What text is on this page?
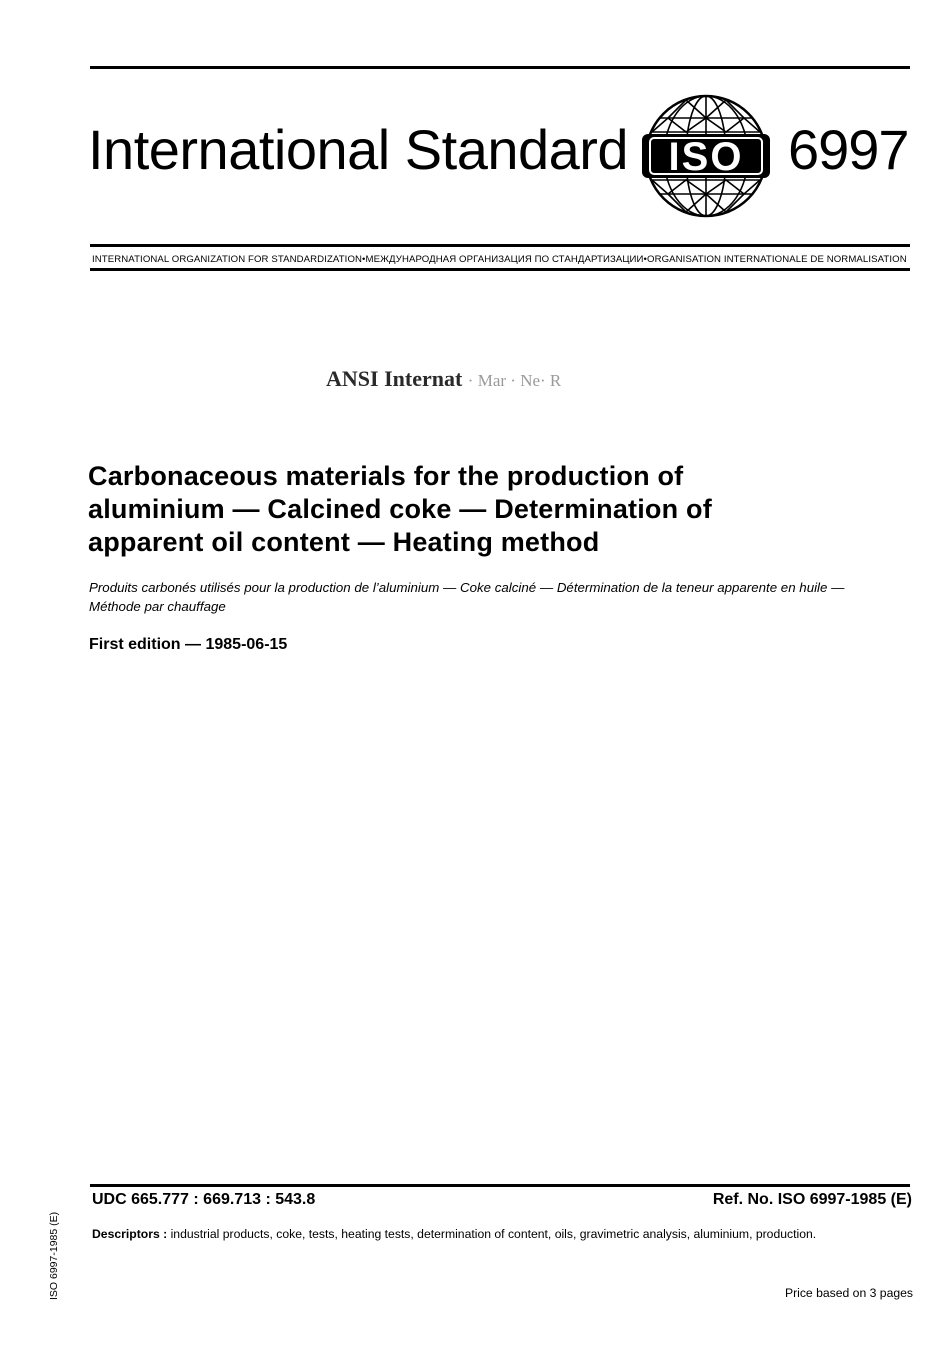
International Standard ISO 6997
INTERNATIONAL ORGANIZATION FOR STANDARDIZATION•МЕЖДУНАРОДНАЯ ОРГАНИЗАЦИЯ ПО СТАНДАРТИЗАЦИИ•ORGANISATION INTERNATIONALE DE NORMALISATION
ANSI Internat · Mar · Ne· R
Carbonaceous materials for the production of
aluminium — Calcined coke — Determination of
apparent oil content — Heating method
Produits carbonés utilisés pour la production de l’aluminium — Coke calciné — Détermination de la teneur apparente en huile —
Méthode par chauffage
First edition — 1985-06-15
UDC 665.777 : 669.713 : 543.8	Ref. No. ISO 6997-1985 (E)
Descriptors : industrial products, coke, tests, heating tests, determination of content, oils, gravimetric analysis, aluminium, production.
Price based on 3 pages
ISO 6997-1985 (E)
